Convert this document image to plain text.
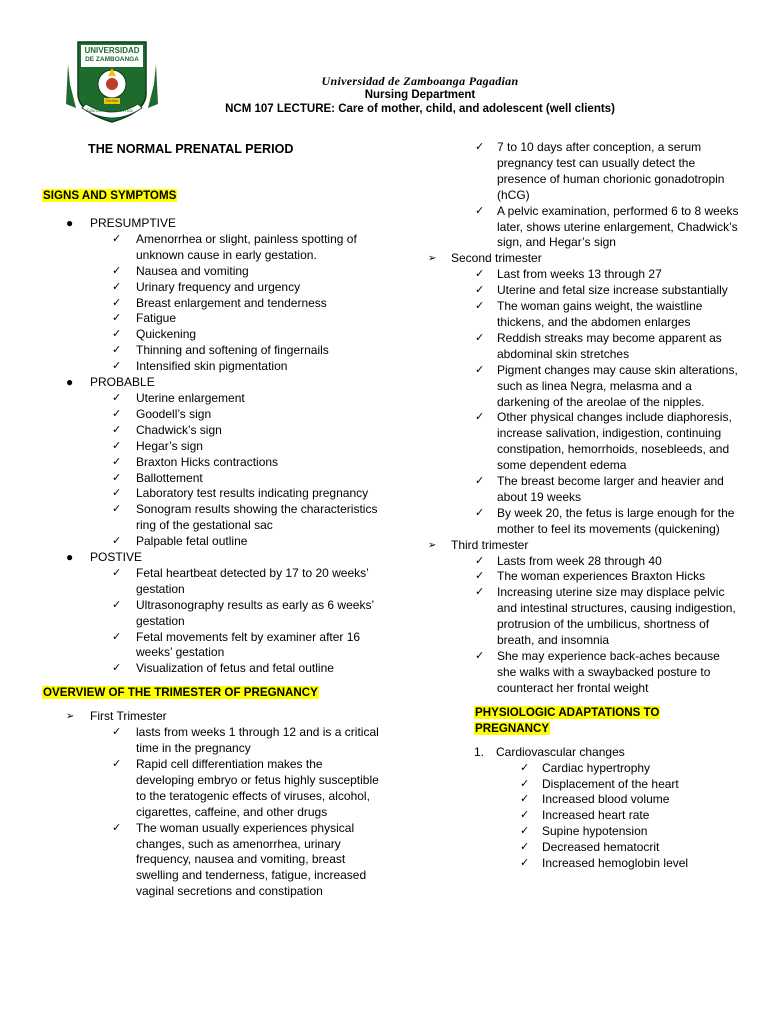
UNIVERSIDAD
DE ZAMBOANGA
Veritas
Educatio Libertas
Universidad de Zamboanga Pagadian
Nursing Department
NCM 107 LECTURE: Care of mother, child, and adolescent (well clients)
THE NORMAL PRENATAL PERIOD
SIGNS AND SYMPTOMS
● PRESUMPTIVE
✓ Amenorrhea or slight, painless spotting of unknown cause in early gestation.
✓ Nausea and vomiting
✓ Urinary frequency and urgency
✓ Breast enlargement and tenderness
✓ Fatigue
✓ Quickening
✓ Thinning and softening of fingernails
✓ Intensified skin pigmentation
● PROBABLE
✓ Uterine enlargement
✓ Goodell’s sign
✓ Chadwick’s sign
✓ Hegar’s sign
✓ Braxton Hicks contractions
✓ Ballottement
✓ Laboratory test results indicating pregnancy
✓ Sonogram results showing the characteristics ring of the gestational sac
✓ Palpable fetal outline
● POSTIVE
✓ Fetal heartbeat detected by 17 to 20 weeks’ gestation
✓ Ultrasonography results as early as 6 weeks’ gestation
✓ Fetal movements felt by examiner after 16 weeks’ gestation
✓ Visualization of fetus and fetal outline
OVERVIEW OF THE TRIMESTER OF PREGNANCY
➢ First Trimester
✓ lasts from weeks 1 through 12 and is a critical time in the pregnancy
✓ Rapid cell differentiation makes the developing embryo or fetus highly susceptible to the teratogenic effects of viruses, alcohol, cigarettes, caffeine, and other drugs
✓ The woman usually experiences physical changes, such as amenorrhea, urinary frequency, nausea and vomiting, breast swelling and tenderness, fatigue, increased vaginal secretions and constipation
✓ 7 to 10 days after conception, a serum pregnancy test can usually detect the presence of human chorionic gonadotropin (hCG)
✓ A pelvic examination, performed 6 to 8 weeks later, shows uterine enlargement, Chadwick’s sign, and Hegar’s sign
➢ Second trimester
✓ Last from weeks 13 through 27
✓ Uterine and fetal size increase substantially
✓ The woman gains weight, the waistline thickens, and the abdomen enlarges
✓ Reddish streaks may become apparent as abdominal skin stretches
✓ Pigment changes may cause skin alterations, such as linea Negra, melasma and a darkening of the areolae of the nipples.
✓ Other physical changes include diaphoresis, increase salivation, indigestion, continuing constipation, hemorrhoids, nosebleeds, and some dependent edema
✓ The breast become larger and heavier and about 19 weeks
✓ By week 20, the fetus is large enough for the mother to feel its movements (quickening)
➢ Third trimester
✓ Lasts from week 28 through 40
✓ The woman experiences Braxton Hicks
✓ Increasing uterine size may displace pelvic and intestinal structures, causing indigestion, protrusion of the umbilicus, shortness of breath, and insomnia
✓ She may experience back-aches because she walks with a swaybacked posture to counteract her frontal weight
PHYSIOLOGIC ADAPTATIONS TO
PREGNANCY
1. Cardiovascular changes
✓ Cardiac hypertrophy
✓ Displacement of the heart
✓ Increased blood volume
✓ Increased heart rate
✓ Supine hypotension
✓ Decreased hematocrit
✓ Increased hemoglobin level
